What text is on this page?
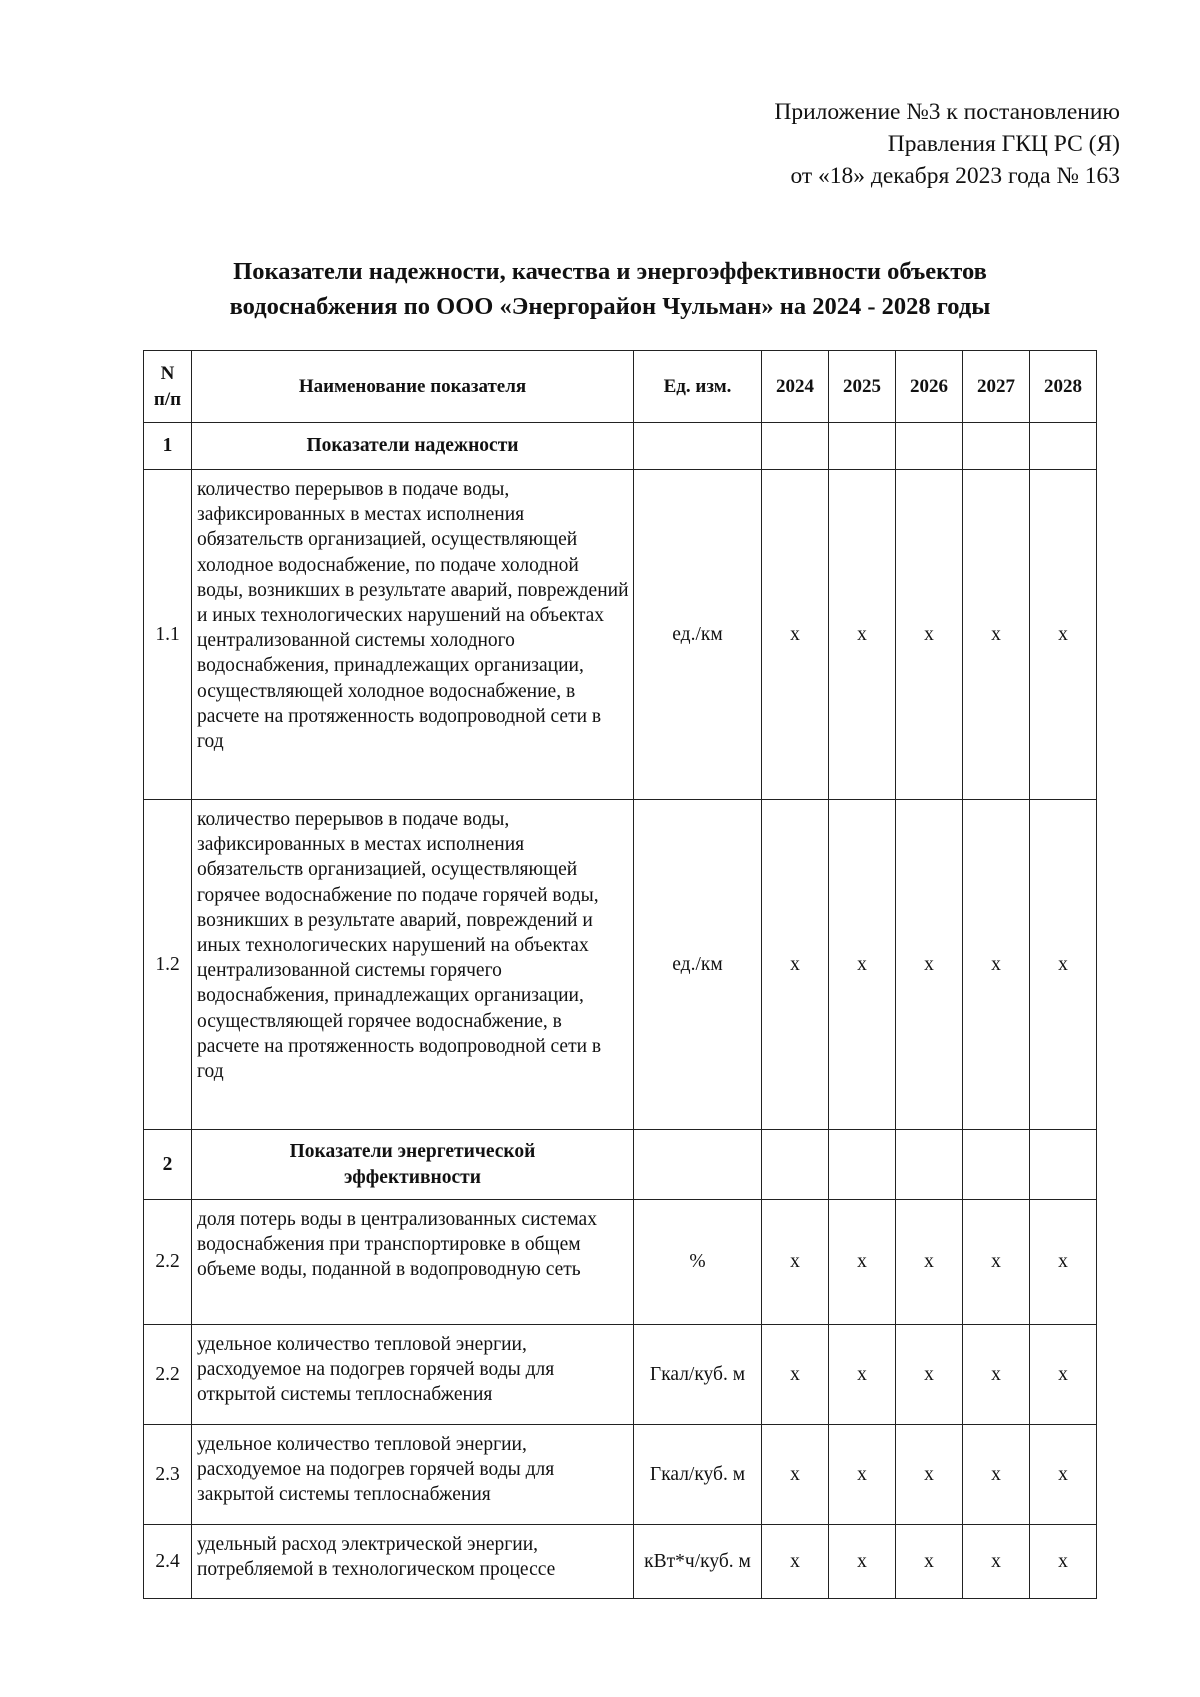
Приложение №3 к постановлению
Правления ГКЦ РС (Я)
от «18» декабря 2023 года № 163
Показатели надежности, качества и энергоэффективности объектов
водоснабжения по ООО «Энергорайон Чульман» на 2024 - 2028 годы
N п/п	Наименование показателя	Ед. изм.	2024	2025	2026	2027	2028
1	Показатели надежности						
1.1	количество перерывов в подаче воды, зафиксированных в местах исполнения обязательств организацией, осуществляющей холодное водоснабжение, по подаче холодной воды, возникших в результате аварий, повреждений и иных технологических нарушений на объектах централизованной системы холодного водоснабжения, принадлежащих организации, осуществляющей холодное водоснабжение, в расчете на протяженность водопроводной сети в год	ед./км	х	х	х	х	х
1.2	количество перерывов в подаче воды, зафиксированных в местах исполнения обязательств организацией, осуществляющей горячее водоснабжение по подаче горячей воды, возникших в результате аварий, повреждений и иных технологических нарушений на объектах централизованной системы горячего водоснабжения, принадлежащих организации, осуществляющей горячее водоснабжение, в расчете на протяженность водопроводной сети в год	ед./км	х	х	х	х	х
2	Показатели энергетической эффективности						
2.2	доля потерь воды в централизованных системах водоснабжения при транспортировке в общем объеме воды, поданной в водопроводную сеть	%	х	х	х	х	х
2.2	удельное количество тепловой энергии, расходуемое на подогрев горячей воды для открытой системы теплоснабжения	Гкал/куб. м	х	х	х	х	х
2.3	удельное количество тепловой энергии, расходуемое на подогрев горячей воды для закрытой системы теплоснабжения	Гкал/куб. м	х	х	х	х	х
2.4	удельный расход электрической энергии, потребляемой в технологическом процессе	кВт*ч/куб. м	х	х	х	х	х
